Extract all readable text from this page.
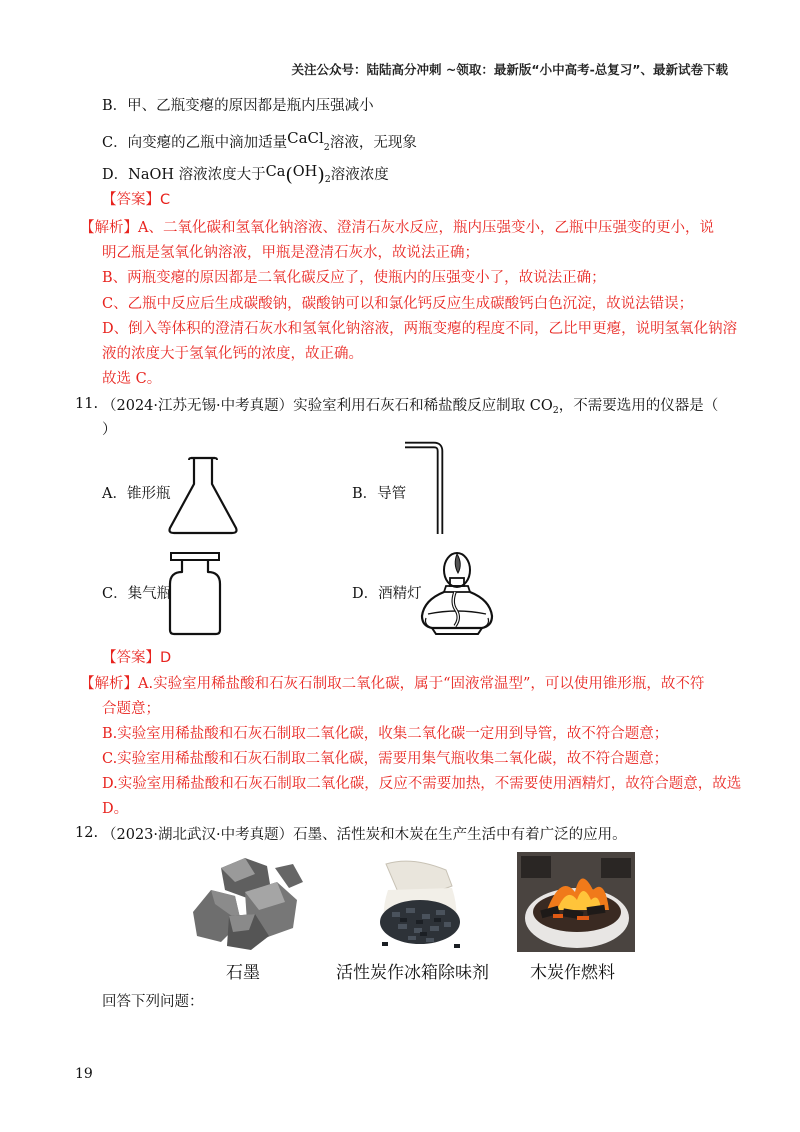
关注公众号：陆陆高分冲刺 ~领取：最新版“小中高考-总复习”、最新试卷下载
B．甲、乙瓶变瘪的原因都是瓶内压强减小
C．向变瘪的乙瓶中滴加适量CaCl$_2$溶液，无现象
D．NaOH 溶液浓度大于$Ca(OH)_2$溶液浓度
【答案】C
【解析】A、二氧化碳和氢氧化钠溶液、澄清石灰水反应，瓶内压强变小，乙瓶中压强变的更小，说
明乙瓶是氢氧化钠溶液，甲瓶是澄清石灰水，故说法正确；
B、两瓶变瘪的原因都是二氧化碳反应了，使瓶内的压强变小了，故说法正确；
C、乙瓶中反应后生成碳酸钠，碳酸钠可以和氯化钙反应生成碳酸钙白色沉淀，故说法错误；
D、倒入等体积的澄清石灰水和氢氧化钠溶液，两瓶变瘪的程度不同，乙比甲更瘪，说明氢氧化钠溶
液的浓度大于氢氧化钙的浓度，故正确。
故选 C。
11. （2024·江苏无锡·中考真题）实验室利用石灰石和稀盐酸反应制取 $CO_2$，不需要选用的仪器是（
）
A．锥形瓶	B．导管
C．集气瓶	D．酒精灯
【答案】D
【解析】A.实验室用稀盐酸和石灰石制取二氧化碳，属于“固液常温型”，可以使用锥形瓶，故不符
合题意；
B.实验室用稀盐酸和石灰石制取二氧化碳，收集二氧化碳一定用到导管，故不符合题意；
C.实验室用稀盐酸和石灰石制取二氧化碳，需要用集气瓶收集二氧化碳，故不符合题意；
D.实验室用稀盐酸和石灰石制取二氧化碳，反应不需要加热，不需要使用酒精灯，故符合题意，故选
D。
12. （2023·湖北武汉·中考真题）石墨、活性炭和木炭在生产生活中有着广泛的应用。
石墨	活性炭作冰箱除味剂 木炭作燃料
回答下列问题：
19
